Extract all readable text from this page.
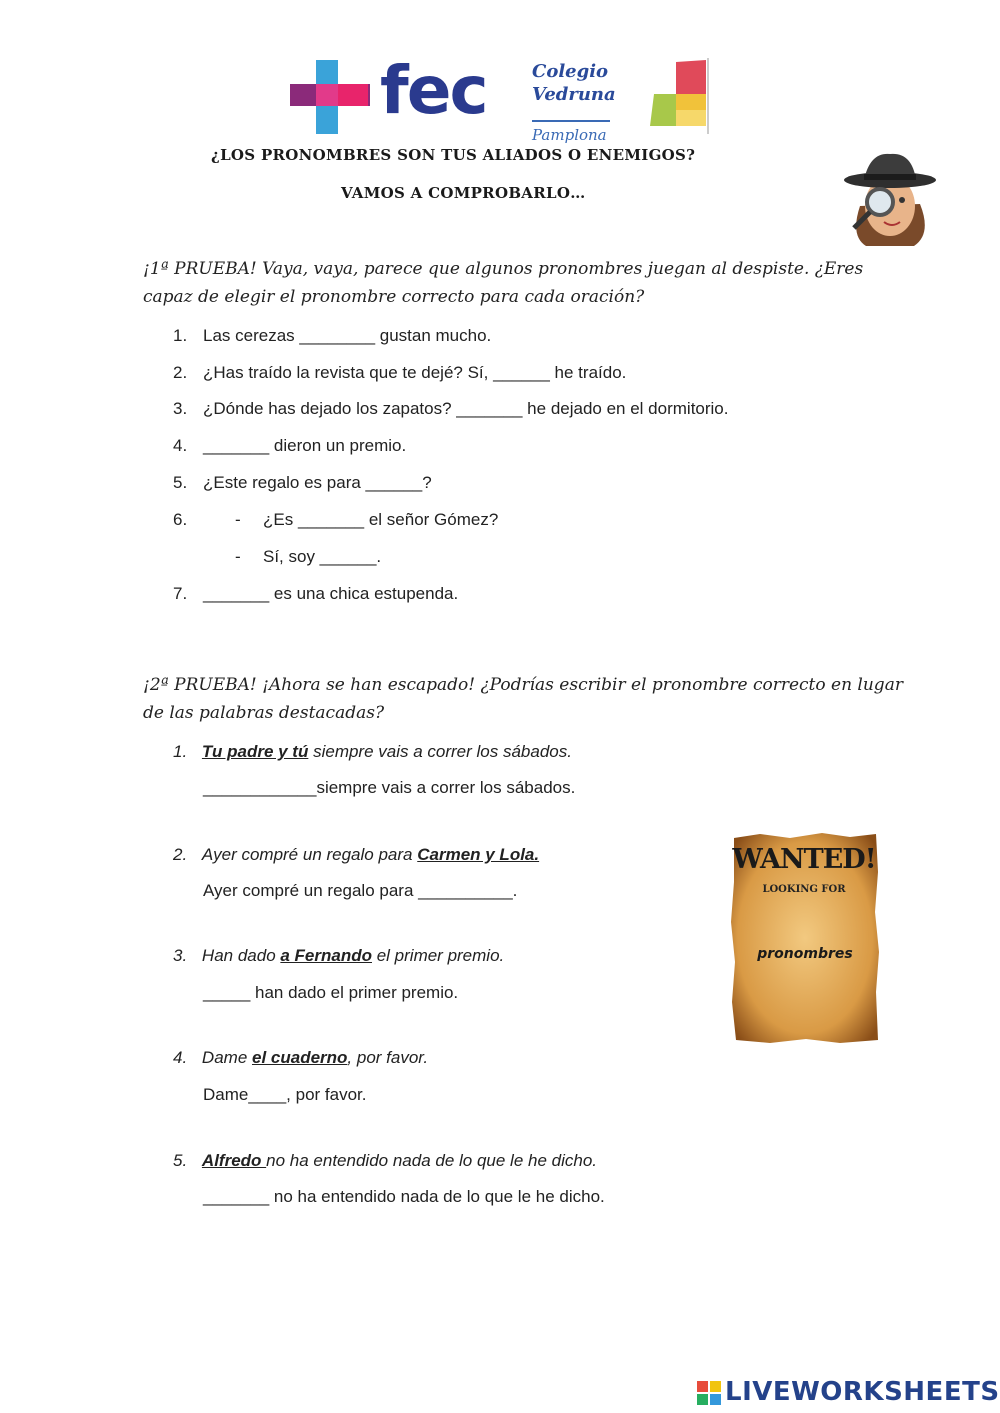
fec	Colegio
Vedruna
Pamplona
¿LOS PRONOMBRES SON TUS ALIADOS O ENEMIGOS?
VAMOS A COMPROBARLO…
¡1ª PRUEBA! Vaya, vaya, parece que algunos pronombres juegan al despiste. ¿Eres
capaz de elegir el pronombre correcto para cada oración?
1. Las cerezas ________ gustan mucho.
2. ¿Has traído la revista que te dejé? Sí, ______ he traído.
3. ¿Dónde has dejado los zapatos? _______ he dejado en el dormitorio.
4. _______ dieron un premio.
5. ¿Este regalo es para ______?
6.	- ¿Es _______ el señor Gómez?
- Sí, soy ______.
7. _______ es una chica estupenda.
¡2ª PRUEBA! ¡Ahora se han escapado! ¿Podrías escribir el pronombre correcto en lugar
de las palabras destacadas?
1. Tu padre y tú siempre vais a correr los sábados.
____________siempre vais a correr los sábados.
2. Ayer compré un regalo para Carmen y Lola.
Ayer compré un regalo para __________.
3. Han dado a Fernando el primer premio.
_____ han dado el primer premio.
4. Dame el cuaderno, por favor.
Dame____, por favor.
5. Alfredo no ha entendido nada de lo que le he dicho.
_______ no ha entendido nada de lo que le he dicho.
WANTED!
LOOKING FOR
pronombres
LIVEWORKSHEETS
